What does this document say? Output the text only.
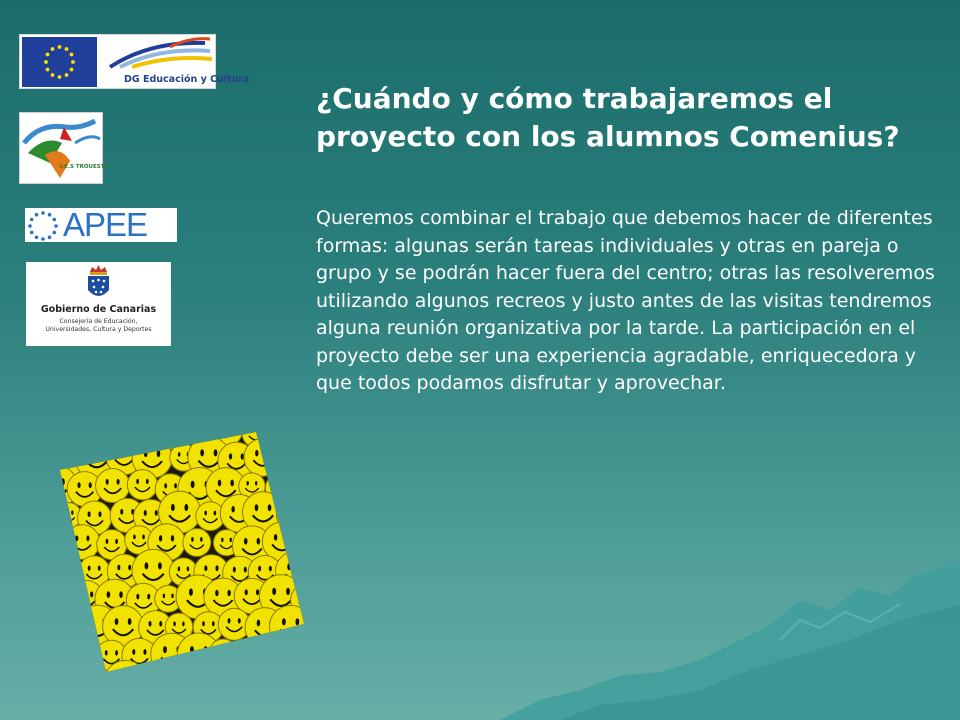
DG Educación y Cultura
I.E.S TROUESTE
APEE
Gobierno de Canarias
Consejería de Educación,
Universidades, Cultura y Deportes
¿Cuándo y cómo trabajaremos el proyecto con los alumnos Comenius?

Queremos combinar el trabajo que debemos hacer de diferentes formas: algunas serán tareas individuales y otras en pareja o grupo y se podrán hacer fuera del centro; otras las resolveremos utilizando algunos recreos y justo antes de las visitas tendremos alguna reunión organizativa por la tarde. La participación en el proyecto debe ser una experiencia agradable, enriquecedora y que todos podamos disfrutar y aprovechar.
